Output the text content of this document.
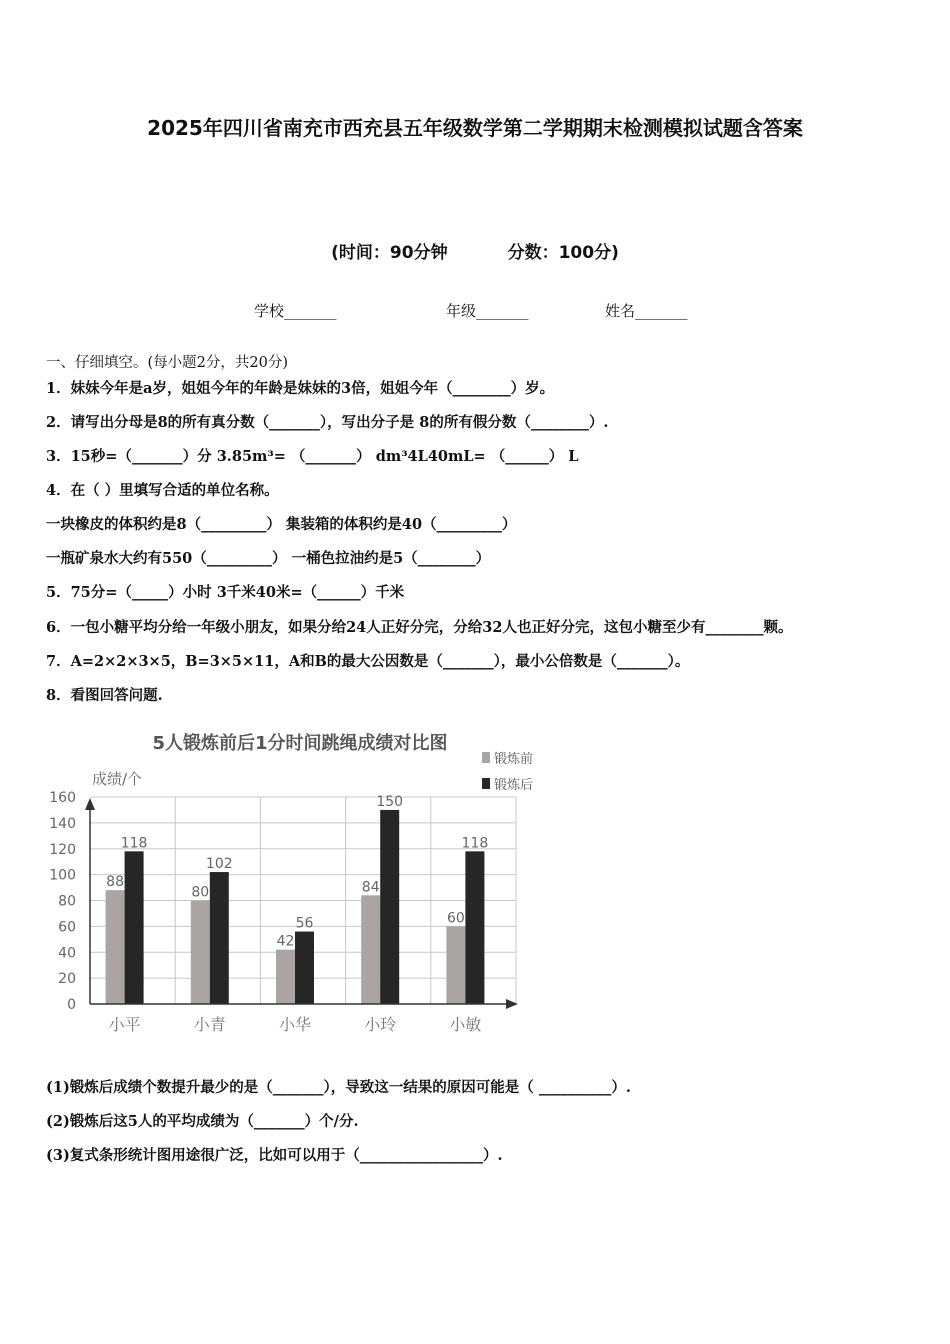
2025年四川省南充市西充县五年级数学第二学期期末检测模拟试题含答案
(时间：90分钟	分数：100分)
学校_______	年级_______	姓名_______
一、仔细填空。(每小题2分，共20分)
1．妹妹今年是a岁，姐姐今年的年龄是妹妹的3倍，姐姐今年（________）岁。
2．请写出分母是8的所有真分数（_______），写出分子是 8的所有假分数（________）.
3．15秒=（_______）分 3.85m³= （_______） dm³4L40mL= （______） L
4．在（ ）里填写合适的单位名称。
一块橡皮的体积约是8（_________） 集装箱的体积约是40（_________）
一瓶矿泉水大约有550（_________） 一桶色拉油约是5（________）
5．75分=（_____）小时 3千米40米=（______）千米
6．一包小糖平均分给一年级小朋友，如果分给24人正好分完，分给32人也正好分完，这包小糖至少有________颗。
7．A=2×2×3×5，B=3×5×11，A和B的最大公因数是（_______），最小公倍数是（_______）。
8．看图回答问题.
5人锻炼前后1分时间跳绳成绩对比图
成绩/个
锻炼前
锻炼后
0
20
40
60
80
100
120
140
160
88
118
80
102
42
56
84
150
60
118
小平	小青	小华	小玲	小敏
(1)锻炼后成绩个数提升最少的是（_______），导致这一结果的原因可能是（ __________）.
(2)锻炼后这5人的平均成绩为（_______）个/分.
(3)复式条形统计图用途很广泛，比如可以用于（_________________）.
